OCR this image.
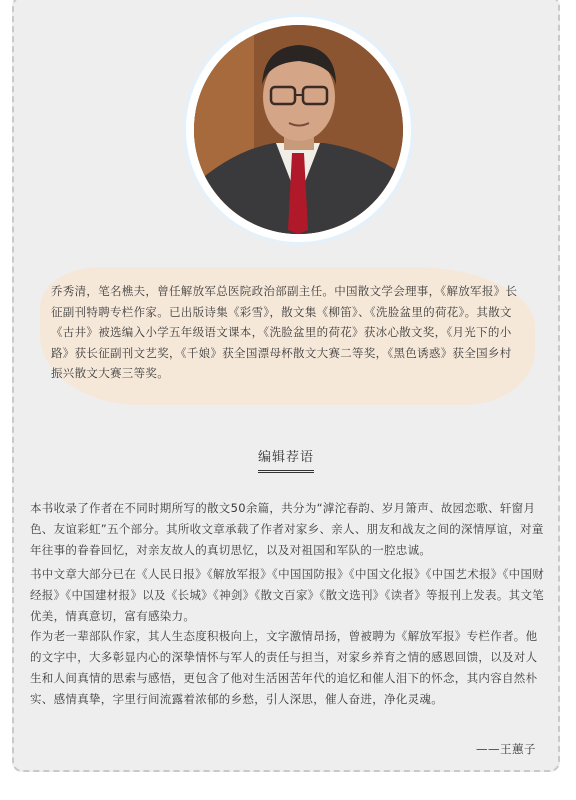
乔秀清，笔名樵夫，曾任解放军总医院政治部副主任。中国散文学会理事，《解放军报》长征副刊特聘专栏作家。已出版诗集《彩雪》，散文集《柳笛》、《洗脸盆里的荷花》。其散文《古井》被选编入小学五年级语文课本，《洗脸盆里的荷花》获冰心散文奖，《月光下的小路》获长征副刊文艺奖，《千娘》获全国漂母杯散文大赛二等奖，《黑色诱惑》获全国乡村振兴散文大赛三等奖。

编辑荐语

本书收录了作者在不同时期所写的散文50余篇，共分为“滹沱春韵、岁月箫声、故园恋歌、轩窗月色、友谊彩虹”五个部分。其所收文章承载了作者对家乡、亲人、朋友和战友之间的深情厚谊，对童年往事的眷眷回忆，对亲友故人的真切思忆，以及对祖国和军队的一腔忠诚。

书中文章大部分已在《人民日报》《解放军报》《中国国防报》《中国文化报》《中国艺术报》《中国财经报》《中国建材报》以及《长城》《神剑》《散文百家》《散文选刊》《读者》等报刊上发表。其文笔优美，情真意切，富有感染力。

作为老一辈部队作家，其人生态度积极向上，文字激情昂扬，曾被聘为《解放军报》专栏作者。他的文字中，大多彰显内心的深挚情怀与军人的责任与担当，对家乡养育之情的感恩回馈，以及对人生和人间真情的思索与感悟，更包含了他对生活困苦年代的追忆和催人泪下的怀念，其内容自然朴实、感情真挚，字里行间流露着浓郁的乡愁，引人深思，催人奋进，净化灵魂。

——王蕙子
